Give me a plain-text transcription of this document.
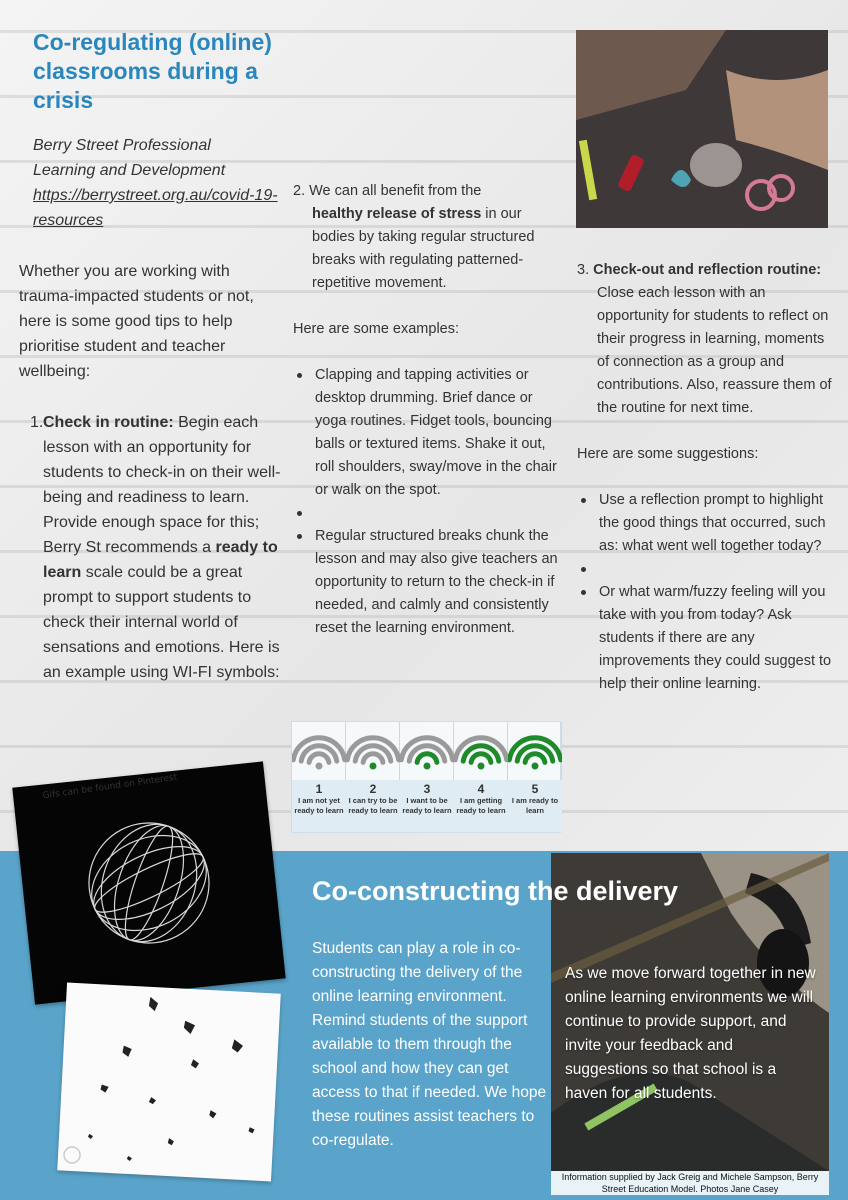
Co-regulating (online) classrooms during a crisis
Berry Street Professional
Learning and Development
https://berrystreet.org.au/covid-19-resources
Whether you are working with trauma-impacted students or not, here is some good tips to help prioritise student and teacher wellbeing:
1. Check in routine: Begin each lesson with an opportunity for students to check-in on their well-being and readiness to learn. Provide enough space for this; Berry St recommends a ready to learn scale could be a great prompt to support students to check their internal world of sensations and emotions. Here is an example using WI-FI symbols:
2. We can all benefit from the
healthy release of stress in our bodies by taking regular structured breaks with regulating patterned-repetitive movement.
Here are some examples:
Clapping and tapping activities or desktop drumming. Brief dance or yoga routines. Fidget tools, bouncing balls or textured items. Shake it out, roll shoulders, sway/move in the chair or walk on the spot.
Regular structured breaks chunk the lesson and may also give teachers an opportunity to return to the check-in if needed, and calmly and consistently reset the learning environment.
3. Check-out and reflection routine:
Close each lesson with an opportunity for students to reflect on their progress in learning, moments of connection as a group and contributions. Also, reassure them of the routine for next time.
Here are some suggestions:
Use a reflection prompt to highlight the good things that occurred, such as: what went well together today?
Or what warm/fuzzy feeling will you take with you from today? Ask students if there are any improvements they could suggest to help their online learning.
1
I am not yet ready to learn
2
I can try to be ready to learn
3
I want to be ready to learn
4
I am getting ready to learn
5
I am ready to learn
Gifs can be found on Pinterest
Co-constructing the delivery
Students can play a role in co-constructing the delivery of the online learning environment. Remind students of the support available to them through the school and how they can get access to that if needed. We hope these routines assist teachers to co-regulate.
As we move forward together in new online learning environments we will continue to provide support, and invite your feedback and suggestions so that school is a haven for all students.
Information supplied by Jack Greig and Michele Sampson, Berry Street Education Model. Photos Jane Casey
